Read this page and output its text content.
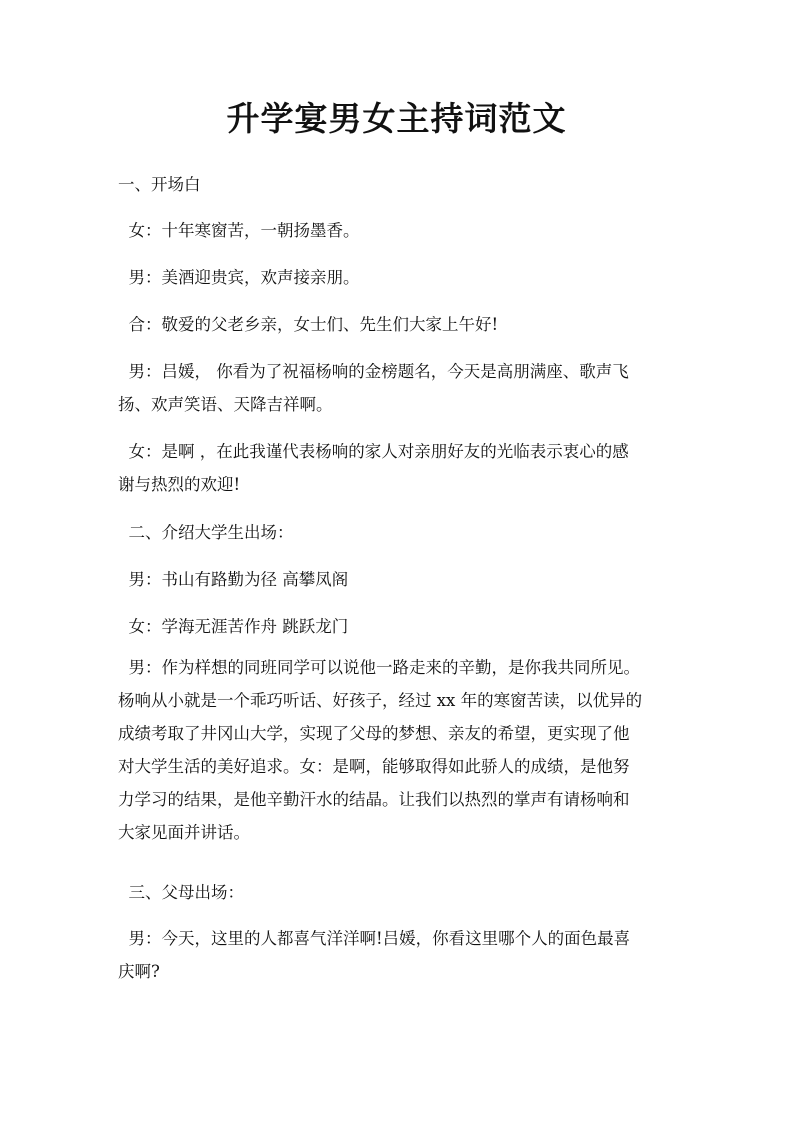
升学宴男女主持词范文
一、开场白
女：十年寒窗苦，一朝扬墨香。
男：美酒迎贵宾，欢声接亲朋。
合：敬爱的父老乡亲，女士们、先生们大家上午好!
男：吕媛， 你看为了祝福杨响的金榜题名，今天是高朋满座、歌声飞
扬、欢声笑语、天降吉祥啊。
女：是啊 ，在此我谨代表杨响的家人对亲朋好友的光临表示衷心的感
谢与热烈的欢迎!
二、介绍大学生出场：
男：书山有路勤为径 高攀凤阁
女：学海无涯苦作舟 跳跃龙门
男：作为样想的同班同学可以说他一路走来的辛勤，是你我共同所见。
杨响从小就是一个乖巧听话、好孩子，经过 xx 年的寒窗苦读，以优异的
成绩考取了井冈山大学，实现了父母的梦想、亲友的希望，更实现了他
对大学生活的美好追求。女：是啊，能够取得如此骄人的成绩，是他努
力学习的结果，是他辛勤汗水的结晶。让我们以热烈的掌声有请杨响和
大家见面并讲话。
三、父母出场：
男：今天，这里的人都喜气洋洋啊!吕媛，你看这里哪个人的面色最喜
庆啊?
